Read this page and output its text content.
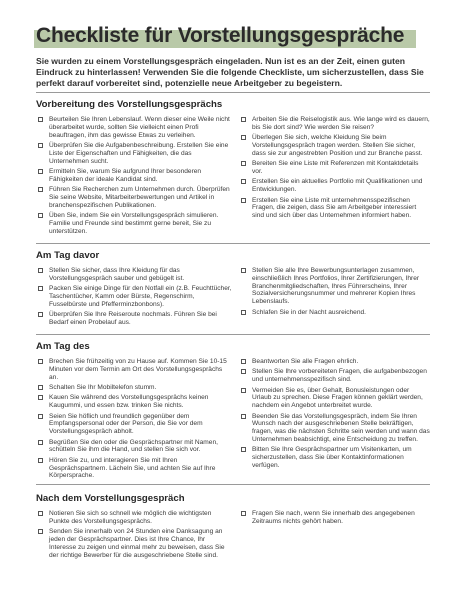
Checkliste für Vorstellungsgespräche

Sie wurden zu einem Vorstellungsgespräch eingeladen. Nun ist es an der Zeit, einen guten Eindruck zu hinterlassen! Verwenden Sie die folgende Checkliste, um sicherzustellen, dass Sie perfekt darauf vorbereitet sind, potenzielle neue Arbeitgeber zu begeistern.

Vorbereitung des Vorstellungsgesprächs
Beurteilen Sie Ihren Lebenslauf. Wenn dieser eine Weile nicht überarbeitet wurde, sollten Sie vielleicht einen Profi beauftragen, ihm das gewisse Etwas zu verleihen.
Überprüfen Sie die Aufgabenbeschreibung. Erstellen Sie eine Liste der Eigenschaften und Fähigkeiten, die das Unternehmen sucht.
Ermitteln Sie, warum Sie aufgrund Ihrer besonderen Fähigkeiten der ideale Kandidat sind.
Führen Sie Recherchen zum Unternehmen durch. Überprüfen Sie seine Website, Mitarbeiterbewertungen und Artikel in branchenspezifischen Publikationen.
Üben Sie, indem Sie ein Vorstellungsgespräch simulieren. Familie und Freunde sind bestimmt gerne bereit, Sie zu unterstützen.
Arbeiten Sie die Reiselogistik aus. Wie lange wird es dauern, bis Sie dort sind? Wie werden Sie reisen?
Überlegen Sie sich, welche Kleidung Sie beim Vorstellungsgespräch tragen werden. Stellen Sie sicher, dass sie zur angestrebten Position und zur Branche passt.
Bereiten Sie eine Liste mit Referenzen mit Kontaktdetails vor.
Erstellen Sie ein aktuelles Portfolio mit Qualifikationen und Entwicklungen.
Erstellen Sie eine Liste mit unternehmensspezifischen Fragen, die zeigen, dass Sie am Arbeitgeber interessiert sind und sich über das Unternehmen informiert haben.
Am Tag davor
Stellen Sie sicher, dass Ihre Kleidung für das Vorstellungsgespräch sauber und gebügelt ist.
Packen Sie einige Dinge für den Notfall ein (z.B. Feuchttücher, Taschentücher, Kamm oder Bürste, Regenschirm, Fusselbürste und Pfefferminzbonbons).
Überprüfen Sie Ihre Reiseroute nochmals. Führen Sie bei Bedarf einen Probelauf aus.
Stellen Sie alle Ihre Bewerbungsunterlagen zusammen, einschließlich Ihres Portfolios, Ihrer Zertifizierungen, Ihrer Branchenmitgliedschaften, Ihres Führerscheins, Ihrer Sozialversicherungsnummer und mehrerer Kopien Ihres Lebenslaufs.
Schlafen Sie in der Nacht ausreichend.
Am Tag des
Brechen Sie frühzeitig von zu Hause auf. Kommen Sie 10-15 Minuten vor dem Termin am Ort des Vorstellungsgesprächs an.
Schalten Sie Ihr Mobiltelefon stumm.
Kauen Sie während des Vorstellungsgesprächs keinen Kaugummi, und essen bzw. trinken Sie nichts.
Seien Sie höflich und freundlich gegenüber dem Empfangspersonal oder der Person, die Sie vor dem Vorstellungsgespräch abholt.
Begrüßen Sie den oder die Gesprächspartner mit Namen, schütteln Sie ihm die Hand, und stellen Sie sich vor.
Hören Sie zu, und interagieren Sie mit Ihren Gesprächspartnern. Lächeln Sie, und achten Sie auf Ihre Körpersprache.
Beantworten Sie alle Fragen ehrlich.
Stellen Sie Ihre vorbereiteten Fragen, die aufgabenbezogen und unternehmensspezifisch sind.
Vermeiden Sie es, über Gehalt, Bonusleistungen oder Urlaub zu sprechen. Diese Fragen können geklärt werden, nachdem ein Angebot unterbreitet wurde.
Beenden Sie das Vorstellungsgespräch, indem Sie Ihren Wunsch nach der ausgeschriebenen Stelle bekräftigen, fragen, was die nächsten Schritte sein werden und wann das Unternehmen beabsichtigt, eine Entscheidung zu treffen.
Bitten Sie Ihre Gesprächspartner um Visitenkarten, um sicherzustellen, dass Sie über Kontaktinformationen verfügen.
Nach dem Vorstellungsgespräch
Notieren Sie sich so schnell wie möglich die wichtigsten Punkte des Vorstellungsgesprächs.
Senden Sie innerhalb von 24 Stunden eine Danksagung an jeden der Gesprächspartner. Dies ist Ihre Chance, Ihr Interesse zu zeigen und einmal mehr zu beweisen, dass Sie der richtige Bewerber für die ausgeschriebene Stelle sind.
Fragen Sie nach, wenn Sie innerhalb des angegebenen Zeitraums nichts gehört haben.
